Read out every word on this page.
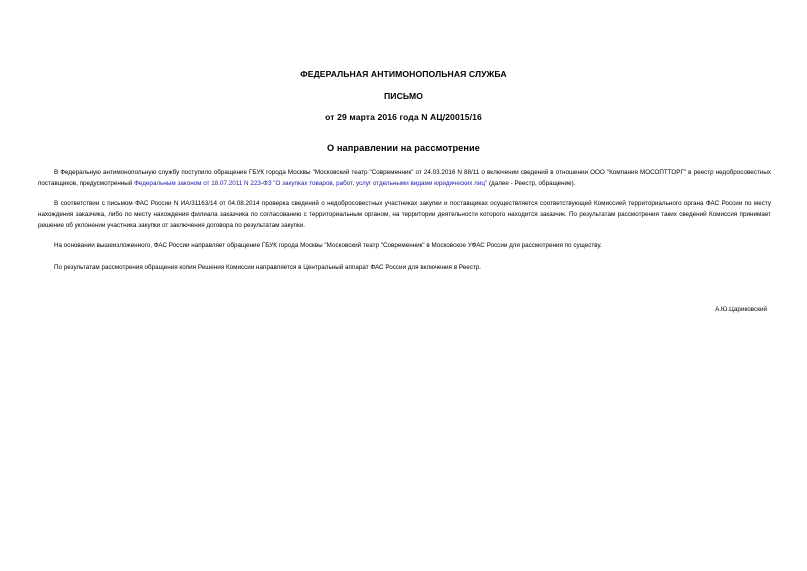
ФЕДЕРАЛЬНАЯ АНТИМОНОПОЛЬНАЯ СЛУЖБА
ПИСЬМО
от 29 марта 2016 года N АЦ/20015/16
О направлении на рассмотрение
В Федеральную антимонопольную службу поступило обращение ГБУК города Москвы "Московский театр "Современник" от 24.03.2016 N 88/11 о включении сведений в отношении ООО "Компания МОСОПТТОРГ" в реестр недобросовестных поставщиков, предусмотренный Федеральным законом от 18.07.2011 N 223-ФЗ "О закупках товаров, работ, услуг отдельными видами юридических лиц" (далее - Реестр, обращение).
В соответствии с письмом ФАС России N ИА/31163/14 от 04.08.2014 проверка сведений о недобросовестных участниках закупки и поставщиках осуществляется соответствующей Комиссией территориального органа ФАС России по месту нахождения заказчика, либо по месту нахождения филиала заказчика по согласованию с территориальным органом, на территории деятельности которого находится заказчик. По результатам рассмотрения таких сведений Комиссия принимает решение об уклонении участника закупки от заключения договора по результатам закупки.
На основании вышеизложенного, ФАС России направляет обращение ГБУК города Москвы "Московский театр "Современник" в Московское УФАС России для рассмотрения по существу.
По результатам рассмотрения обращения копия Решения Комиссии направляется в Центральный аппарат ФАС России для включения в Реестр.
А.Ю.Цариковский
